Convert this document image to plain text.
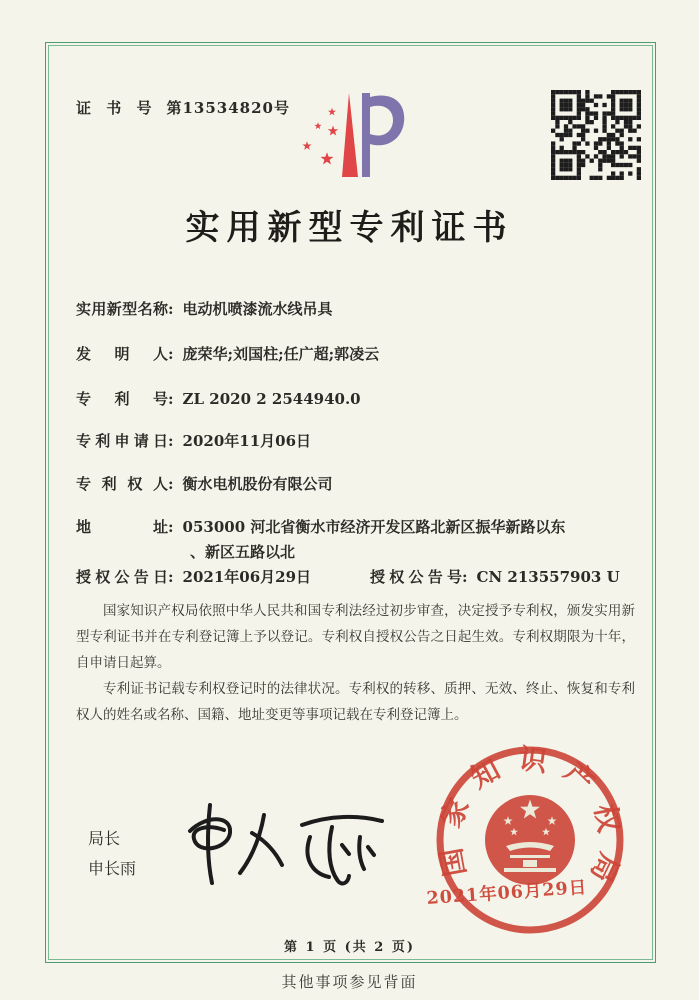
证 书 号 第13534820号
实用新型专利证书
实用新型名称: 电动机喷漆流水线吊具
发明人: 庞荣华;刘国柱;任广超;郭凌云
专利号: ZL 2020 2 2544940.0
专利申请日: 2020年11月06日
专利权人: 衡水电机股份有限公司
地址: 053000 河北省衡水市经济开发区路北新区振华新路以东
、新区五路以北
授权公告日: 2021年06月29日	授权公告号: CN 213557903 U

国家知识产权局依照中华人民共和国专利法经过初步审查，决定授予专利权，颁发实用新型专利证书并在专利登记簿上予以登记。专利权自授权公告之日起生效。专利权期限为十年，自申请日起算。

专利证书记载专利权登记时的法律状况。专利权的转移、质押、无效、终止、恢复和专利权人的姓名或名称、国籍、地址变更等事项记载在专利登记簿上。

局长
申长雨	国家知识产权局
2021年06月29日
第 1 页 (共 2 页)
其他事项参见背面
